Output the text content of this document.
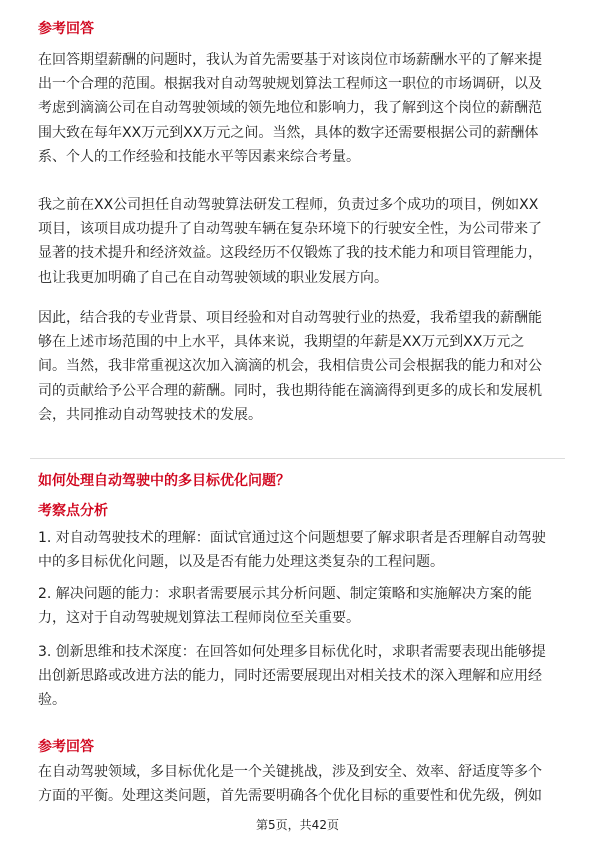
参考回答

在回答期望薪酬的问题时，我认为首先需要基于对该岗位市场薪酬水平的了解来提
出一个合理的范围。根据我对自动驾驶规划算法工程师这一职位的市场调研，以及
考虑到滴滴公司在自动驾驶领域的领先地位和影响力，我了解到这个岗位的薪酬范
围大致在每年XX万元到XX万元之间。当然，具体的数字还需要根据公司的薪酬体
系、个人的工作经验和技能水平等因素来综合考量。

我之前在XX公司担任自动驾驶算法研发工程师，负责过多个成功的项目，例如XX
项目，该项目成功提升了自动驾驶车辆在复杂环境下的行驶安全性，为公司带来了
显著的技术提升和经济效益。这段经历不仅锻炼了我的技术能力和项目管理能力，
也让我更加明确了自己在自动驾驶领域的职业发展方向。

因此，结合我的专业背景、项目经验和对自动驾驶行业的热爱，我希望我的薪酬能
够在上述市场范围的中上水平，具体来说，我期望的年薪是XX万元到XX万元之
间。当然，我非常重视这次加入滴滴的机会，我相信贵公司会根据我的能力和对公
司的贡献给予公平合理的薪酬。同时，我也期待能在滴滴得到更多的成长和发展机
会，共同推动自动驾驶技术的发展。

如何处理自动驾驶中的多目标优化问题？
考察点分析

1. 对自动驾驶技术的理解：面试官通过这个问题想要了解求职者是否理解自动驾驶
中的多目标优化问题，以及是否有能力处理这类复杂的工程问题。

2. 解决问题的能力：求职者需要展示其分析问题、制定策略和实施解决方案的能
力，这对于自动驾驶规划算法工程师岗位至关重要。

3. 创新思维和技术深度：在回答如何处理多目标优化时，求职者需要表现出能够提
出创新思路或改进方法的能力，同时还需要展现出对相关技术的深入理解和应用经
验。

参考回答

在自动驾驶领域，多目标优化是一个关键挑战，涉及到安全、效率、舒适度等多个
方面的平衡。处理这类问题，首先需要明确各个优化目标的重要性和优先级，例如

第5页，共42页
